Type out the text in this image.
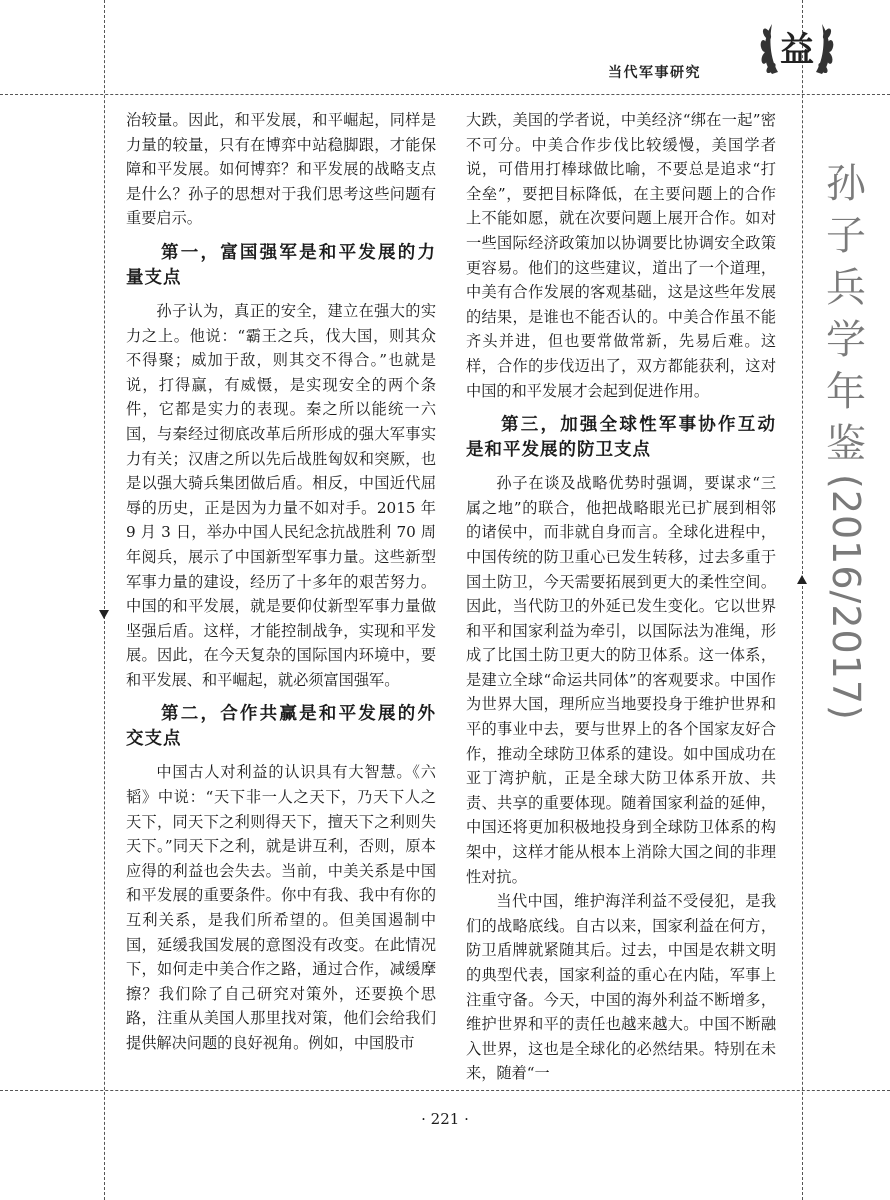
当代军事研究
益
孙
子
兵
学
年
鉴
(2016/2017)

治较量。因此，和平发展，和平崛起，同样是力量的较量，只有在博弈中站稳脚跟，才能保障和平发展。如何博弈？和平发展的战略支点是什么？孙子的思想对于我们思考这些问题有重要启示。

第一，富国强军是和平发展的力量支点

孙子认为，真正的安全，建立在强大的实力之上。他说：“霸王之兵，伐大国，则其众不得聚；威加于敌，则其交不得合。”也就是说，打得赢，有威慑，是实现安全的两个条件，它都是实力的表现。秦之所以能统一六国，与秦经过彻底改革后所形成的强大军事实力有关；汉唐之所以先后战胜匈奴和突厥，也是以强大骑兵集团做后盾。相反，中国近代屈辱的历史，正是因为力量不如对手。2015 年 9 月 3 日，举办中国人民纪念抗战胜利 70 周年阅兵，展示了中国新型军事力量。这些新型军事力量的建设，经历了十多年的艰苦努力。中国的和平发展，就是要仰仗新型军事力量做坚强后盾。这样，才能控制战争，实现和平发展。因此，在今天复杂的国际国内环境中，要和平发展、和平崛起，就必须富国强军。

第二，合作共赢是和平发展的外交支点

中国古人对利益的认识具有大智慧。《六韬》中说：“天下非一人之天下，乃天下人之天下，同天下之利则得天下，擅天下之利则失天下。”同天下之利，就是讲互利，否则，原本应得的利益也会失去。当前，中美关系是中国和平发展的重要条件。你中有我、我中有你的互利关系，是我们所希望的。但美国遏制中国，延缓我国发展的意图没有改变。在此情况下，如何走中美合作之路，通过合作，减缓摩擦？我们除了自己研究对策外，还要换个思路，注重从美国人那里找对策，他们会给我们提供解决问题的良好视角。例如，中国股市

大跌，美国的学者说，中美经济“绑在一起”密不可分。中美合作步伐比较缓慢，美国学者说，可借用打棒球做比喻，不要总是追求“打全垒”，要把目标降低，在主要问题上的合作上不能如愿，就在次要问题上展开合作。如对一些国际经济政策加以协调要比协调安全政策更容易。他们的这些建议，道出了一个道理，中美有合作发展的客观基础，这是这些年发展的结果，是谁也不能否认的。中美合作虽不能齐头并进，但也要常做常新，先易后难。这样，合作的步伐迈出了，双方都能获利，这对中国的和平发展才会起到促进作用。

第三，加强全球性军事协作互动是和平发展的防卫支点

孙子在谈及战略优势时强调，要谋求“三属之地”的联合，他把战略眼光已扩展到相邻的诸侯中，而非就自身而言。全球化进程中，中国传统的防卫重心已发生转移，过去多重于国土防卫，今天需要拓展到更大的柔性空间。因此，当代防卫的外延已发生变化。它以世界和平和国家利益为牵引，以国际法为准绳，形成了比国土防卫更大的防卫体系。这一体系，是建立全球“命运共同体”的客观要求。中国作为世界大国，理所应当地要投身于维护世界和平的事业中去，要与世界上的各个国家友好合作，推动全球防卫体系的建设。如中国成功在亚丁湾护航，正是全球大防卫体系开放、共责、共享的重要体现。随着国家利益的延伸，中国还将更加积极地投身到全球防卫体系的构架中，这样才能从根本上消除大国之间的非理性对抗。

当代中国，维护海洋利益不受侵犯，是我们的战略底线。自古以来，国家利益在何方，防卫盾牌就紧随其后。过去，中国是农耕文明的典型代表，国家利益的重心在内陆，军事上注重守备。今天，中国的海外利益不断增多，维护世界和平的责任也越来越大。中国不断融入世界，这也是全球化的必然结果。特别在未来，随着“一

· 221 ·
